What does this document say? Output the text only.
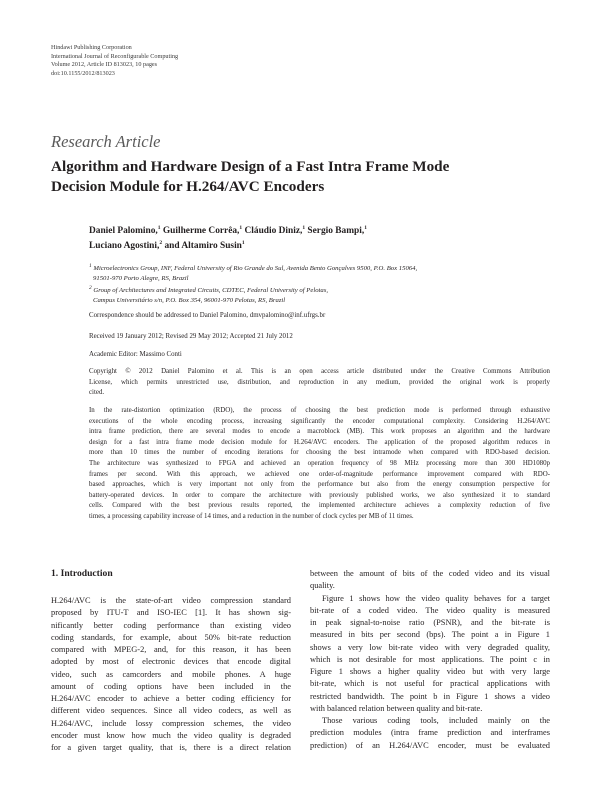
Hindawi Publishing Corporation
International Journal of Reconfigurable Computing
Volume 2012, Article ID 813023, 10 pages
doi:10.1155/2012/813023
Research Article
Algorithm and Hardware Design of a Fast Intra Frame Mode
Decision Module for H.264/AVC Encoders
Daniel Palomino,$^1$ Guilherme Corrêa,$^1$ Cláudio Diniz,$^1$ Sergio Bampi,$^1$
Luciano Agostini,$^2$ and Altamiro Susin$^1$
$^1$ Microelectronics Group, INF, Federal University of Rio Grande do Sul, Avenida Bento Gonçalves 9500, P.O. Box 15064,
91501-970 Porto Alegre, RS, Brazil
$^2$ Group of Architectures and Integrated Circuits, CDTEC, Federal University of Pelotas,
Campus Universitário s/n, P.O. Box 354, 96001-970 Pelotas, RS, Brazil
Correspondence should be addressed to Daniel Palomino, dmvpalomino@inf.ufrgs.br
Received 19 January 2012; Revised 29 May 2012; Accepted 21 July 2012
Academic Editor: Massimo Conti
Copyright © 2012 Daniel Palomino et al. This is an open access article distributed under the Creative Commons Attribution
License, which permits unrestricted use, distribution, and reproduction in any medium, provided the original work is properly
cited.
In the rate-distortion optimization (RDO), the process of choosing the best prediction mode is performed through exhaustive
executions of the whole encoding process, increasing significantly the encoder computational complexity. Considering H.264/AVC
intra frame prediction, there are several modes to encode a macroblock (MB). This work proposes an algorithm and the hardware
design for a fast intra frame mode decision module for H.264/AVC encoders. The application of the proposed algorithm reduces in
more than 10 times the number of encoding iterations for choosing the best intramode when compared with RDO-based decision.
The architecture was synthesized to FPGA and achieved an operation frequency of 98 MHz processing more than 300 HD1080p
frames per second. With this approach, we achieved one order-of-magnitude performance improvement compared with RDO-
based approaches, which is very important not only from the performance but also from the energy consumption perspective for
battery-operated devices. In order to compare the architecture with previously published works, we also synthesized it to standard
cells. Compared with the best previous results reported, the implemented architecture achieves a complexity reduction of five
times, a processing capability increase of 14 times, and a reduction in the number of clock cycles per MB of 11 times.
1. Introduction
H.264/AVC is the state-of-art video compression standard
proposed by ITU-T and ISO-IEC [1]. It has shown sig-
nificantly better coding performance than existing video
coding standards, for example, about 50% bit-rate reduction
compared with MPEG-2, and, for this reason, it has been
adopted by most of electronic devices that encode digital
video, such as camcorders and mobile phones. A huge
amount of coding options have been included in the
H.264/AVC encoder to achieve a better coding efficiency for
different video sequences. Since all video codecs, as well as
H.264/AVC, include lossy compression schemes, the video
encoder must know how much the video quality is degraded
for a given target quality, that is, there is a direct relation
between the amount of bits of the coded video and its visual
quality.
Figure 1 shows how the video quality behaves for a target
bit-rate of a coded video. The video quality is measured
in peak signal-to-noise ratio (PSNR), and the bit-rate is
measured in bits per second (bps). The point a in Figure 1
shows a very low bit-rate video with very degraded quality,
which is not desirable for most applications. The point c in
Figure 1 shows a higher quality video but with very large
bit-rate, which is not useful for practical applications with
restricted bandwidth. The point b in Figure 1 shows a video
with balanced relation between quality and bit-rate.
Those various coding tools, included mainly on the
prediction modules (intra frame prediction and interframes
prediction) of an H.264/AVC encoder, must be evaluated
